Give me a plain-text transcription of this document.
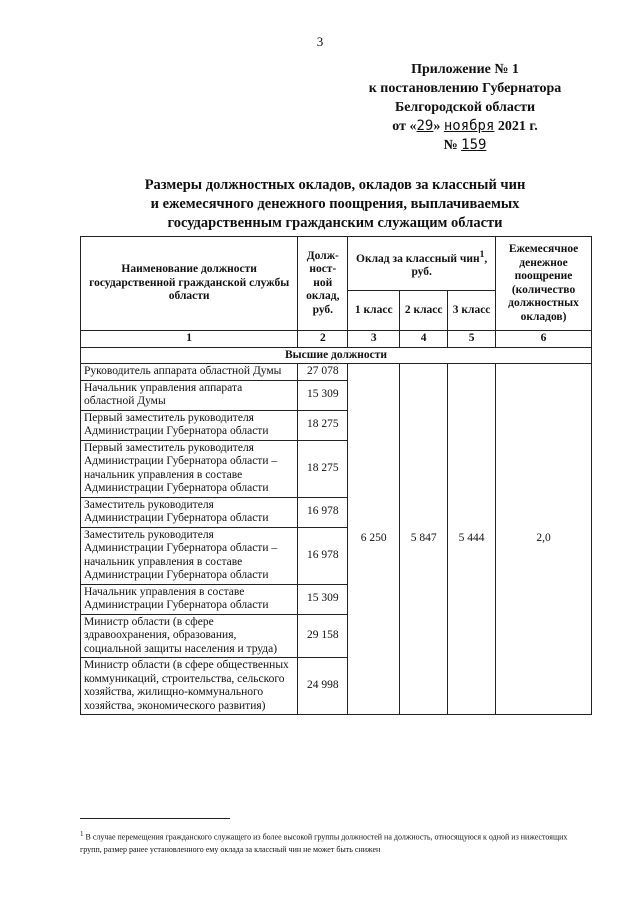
3
Приложение № 1
к постановлению Губернатора
Белгородской области
от «29» ноября 2021 г.
№ 159
Размеры должностных окладов, окладов за классный чин
и ежемесячного денежного поощрения, выплачиваемых
государственным гражданским служащим области
Наименование должности государственной гражданской службы области	Долж-ност-ной оклад, руб.	Оклад за классный чин$^1$, руб.			Ежемесячное денежное поощрение (количество должностных окладов)
		1 класс	2 класс	3 класс	
1	2	3	4	5	6
Высшие должности					
Руководитель аппарата областной Думы	27 078	6 250	5 847	5 444	2,0
Начальник управления аппарата областной Думы	15 309				
Первый заместитель руководителя Администрации Губернатора области	18 275				
Первый заместитель руководителя Администрации Губернатора области – начальник управления в составе Администрации Губернатора области	18 275				
Заместитель руководителя Администрации Губернатора области	16 978				
Заместитель руководителя Администрации Губернатора области – начальник управления в составе Администрации Губернатора области	16 978				
Начальник управления в составе Администрации Губернатора области	15 309				
Министр области (в сфере здравоохранения, образования, социальной защиты населения и труда)	29 158				
Министр области (в сфере общественных коммуникаций, строительства, сельского хозяйства, жилищно-коммунального хозяйства, экономического развития)	24 998				
$^1$ В случае перемещения гражданского служащего из более высокой группы должностей на должность, относящуюся к одной из нижестоящих групп, размер ранее установленного ему оклада за классный чин не может быть снижен
